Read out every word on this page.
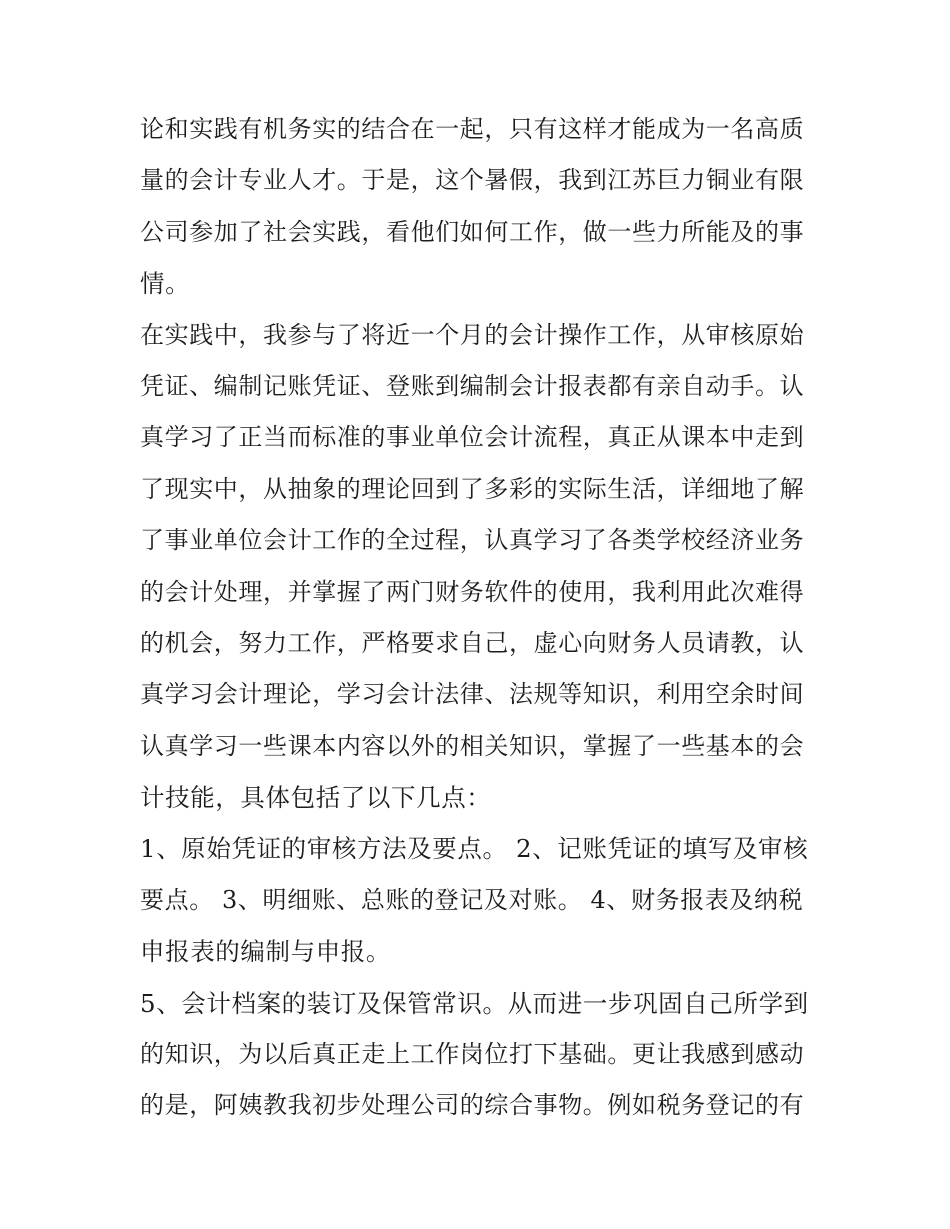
论和实践有机务实的结合在一起，只有这样才能成为一名高质
量的会计专业人才。于是，这个暑假，我到江苏巨力铜业有限
公司参加了社会实践，看他们如何工作，做一些力所能及的事
情。
在实践中，我参与了将近一个月的会计操作工作，从审核原始
凭证、编制记账凭证、登账到编制会计报表都有亲自动手。认
真学习了正当而标准的事业单位会计流程，真正从课本中走到
了现实中，从抽象的理论回到了多彩的实际生活，详细地了解
了事业单位会计工作的全过程，认真学习了各类学校经济业务
的会计处理，并掌握了两门财务软件的使用，我利用此次难得
的机会，努力工作，严格要求自己，虚心向财务人员请教，认
真学习会计理论，学习会计法律、法规等知识，利用空余时间
认真学习一些课本内容以外的相关知识，掌握了一些基本的会
计技能，具体包括了以下几点：
1、原始凭证的审核方法及要点。 2、记账凭证的填写及审核
要点。 3、明细账、总账的登记及对账。 4、财务报表及纳税
申报表的编制与申报。
5、会计档案的装订及保管常识。从而进一步巩固自己所学到
的知识，为以后真正走上工作岗位打下基础。更让我感到感动
的是，阿姨教我初步处理公司的综合事物。例如税务登记的有
